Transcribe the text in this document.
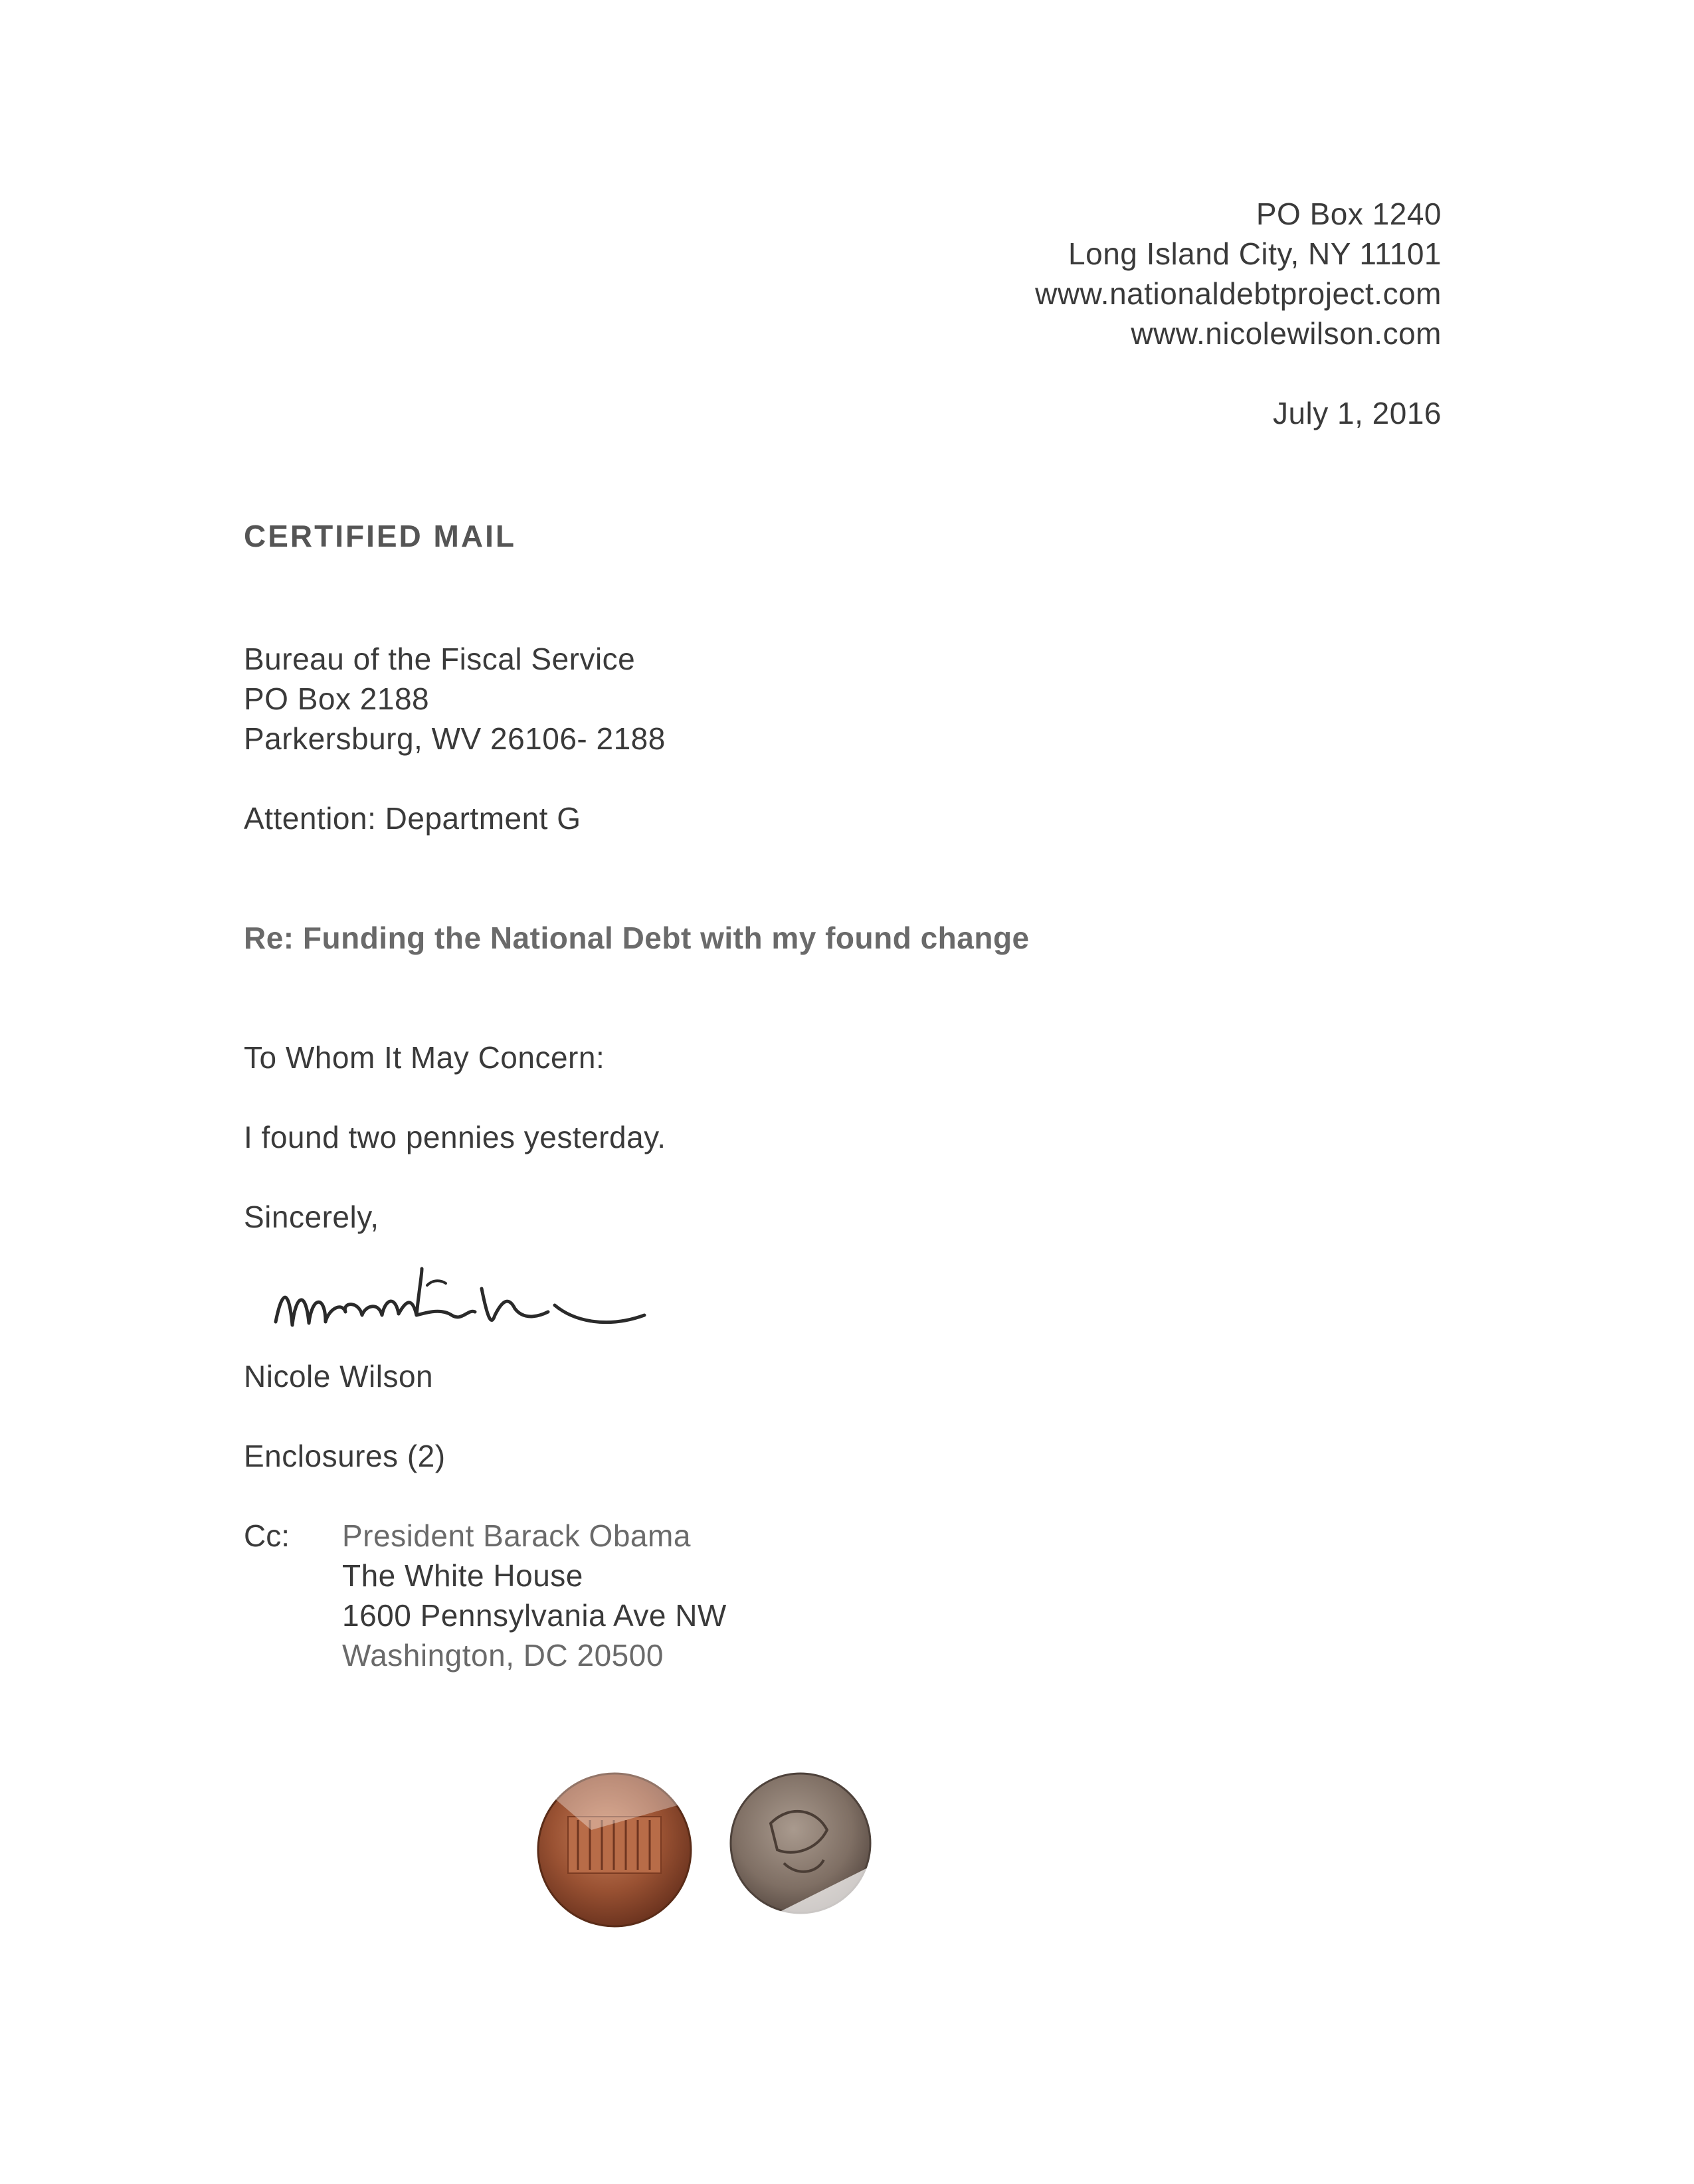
PO Box 1240
Long Island City, NY 11101
www.nationaldebtproject.com
www.nicolewilson.com
July 1, 2016
CERTIFIED MAIL
Bureau of the Fiscal Service
PO Box 2188
Parkersburg, WV 26106- 2188
Attention: Department G
Re: Funding the National Debt with my found change
To Whom It May Concern:
I found two pennies yesterday.
Sincerely,
Nicole Wilson
Enclosures (2)
Cc: President Barack Obama
The White House
1600 Pennsylvania Ave NW
Washington, DC 20500
